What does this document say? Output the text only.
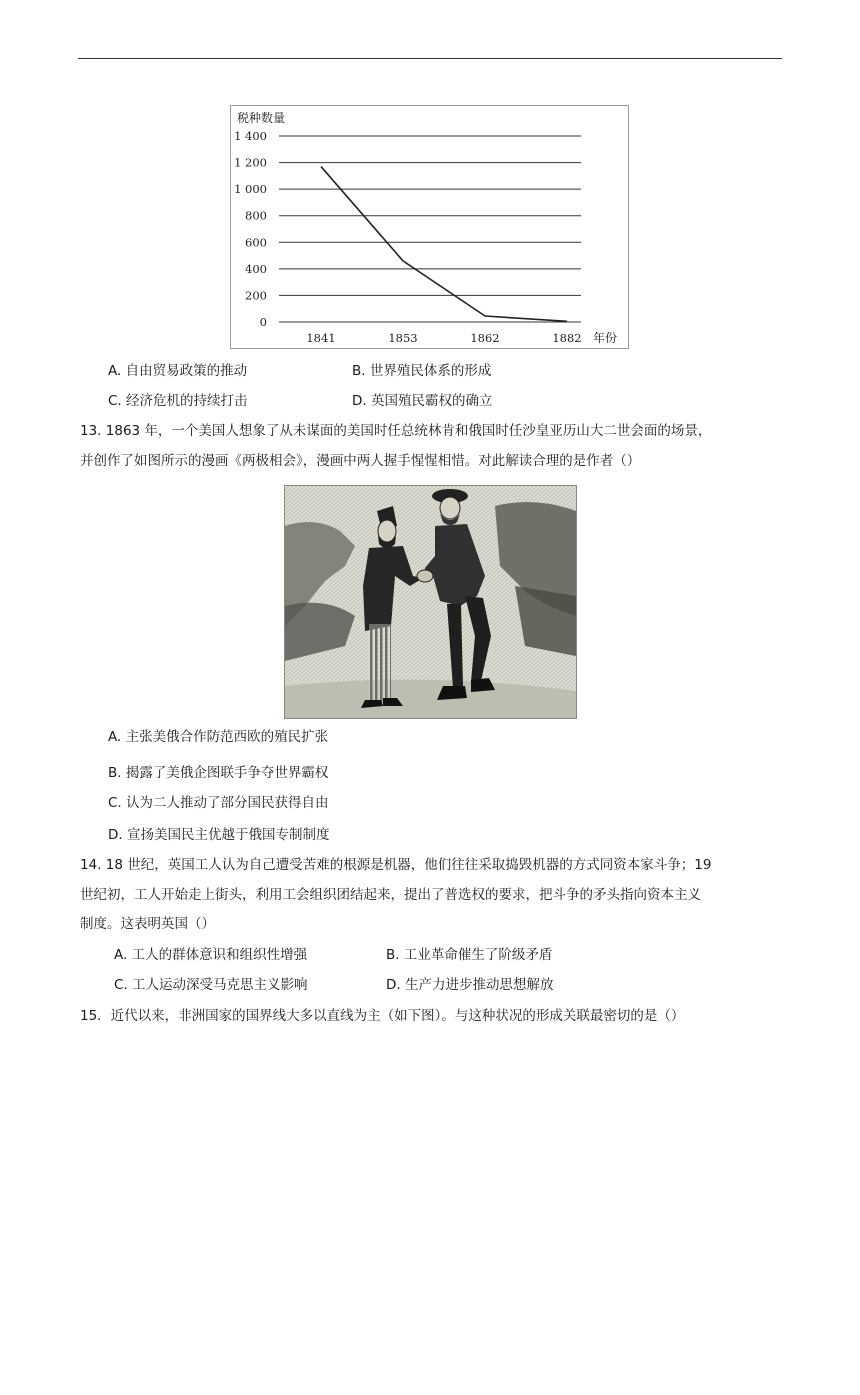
0
200
400
600
800
1 000
1 200
1 400
1841	1853	1862	1882
税种数量
年份
A. 自由贸易政策的推动	B. 世界殖民体系的形成
C. 经济危机的持续打击	D. 英国殖民霸权的确立
13. 1863 年，一个美国人想象了从未谋面的美国时任总统林肯和俄国时任沙皇亚历山大二世会面的场景，
并创作了如图所示的漫画《两极相会》，漫画中两人握手惺惺相惜。对此解读合理的是作者（）
A. 主张美俄合作防范西欧的殖民扩张
B. 揭露了美俄企图联手争夺世界霸权
C. 认为二人推动了部分国民获得自由
D. 宣扬美国民主优越于俄国专制制度
14. 18 世纪，英国工人认为自己遭受苦难的根源是机器，他们往往采取捣毁机器的方式同资本家斗争；19
世纪初，工人开始走上街头，利用工会组织团结起来，提出了普选权的要求，把斗争的矛头指向资本主义
制度。这表明英国（）
A. 工人的群体意识和组织性增强	B. 工业革命催生了阶级矛盾
C. 工人运动深受马克思主义影响	D. 生产力进步推动思想解放
15．近代以来，非洲国家的国界线大多以直线为主（如下图）。与这种状况的形成关联最密切的是（）
